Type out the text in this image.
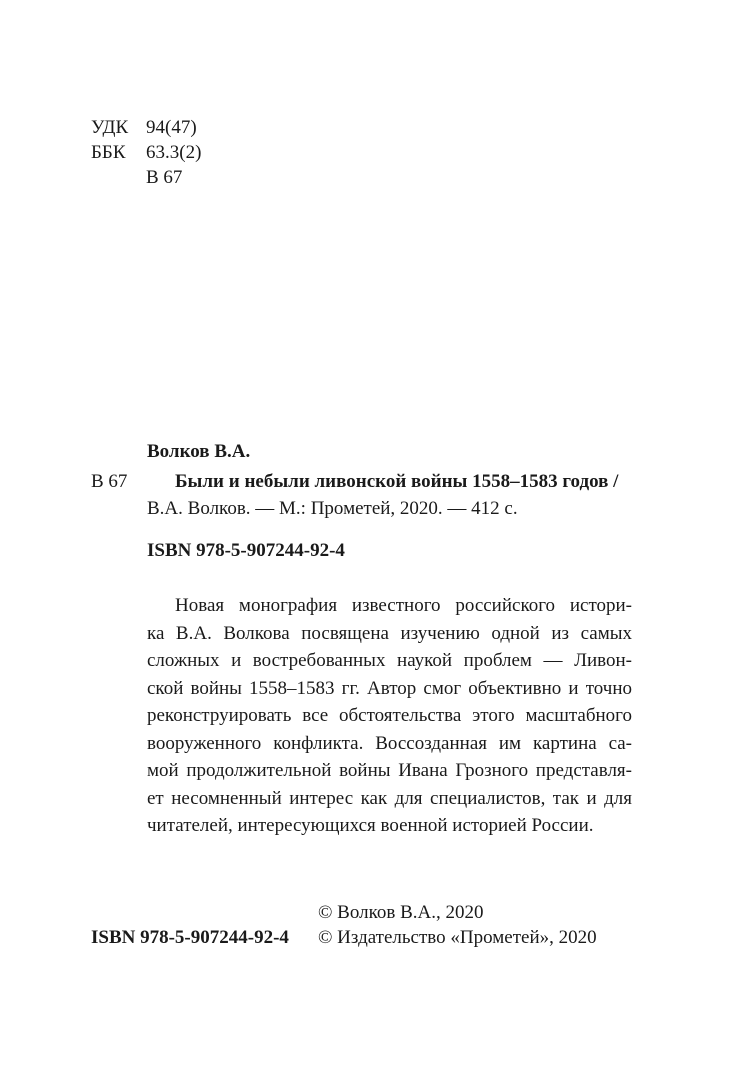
УДК 94(47)
ББК 63.3(2)
В 67
Волков В.А.
В 67	Были и небыли ливонской войны 1558–1583 годов /
В.А. Волков. — М.: Прометей, 2020. — 412 с.
ISBN 978-5-907244-92-4
Новая монография известного российского истори-
ка В.А. Волкова посвящена изучению одной из самых
сложных и востребованных наукой проблем — Ливон-
ской войны 1558–1583 гг. Автор смог объективно и точно
реконструировать все обстоятельства этого масштабного
вооруженного конфликта. Воссозданная им картина са-
мой продолжительной войны Ивана Грозного представля-
ет несомненный интерес как для специалистов, так и для
читателей, интересующихся военной историей России.
© Волков В.А., 2020
ISBN 978-5-907244-92-4 © Издательство «Прометей», 2020
